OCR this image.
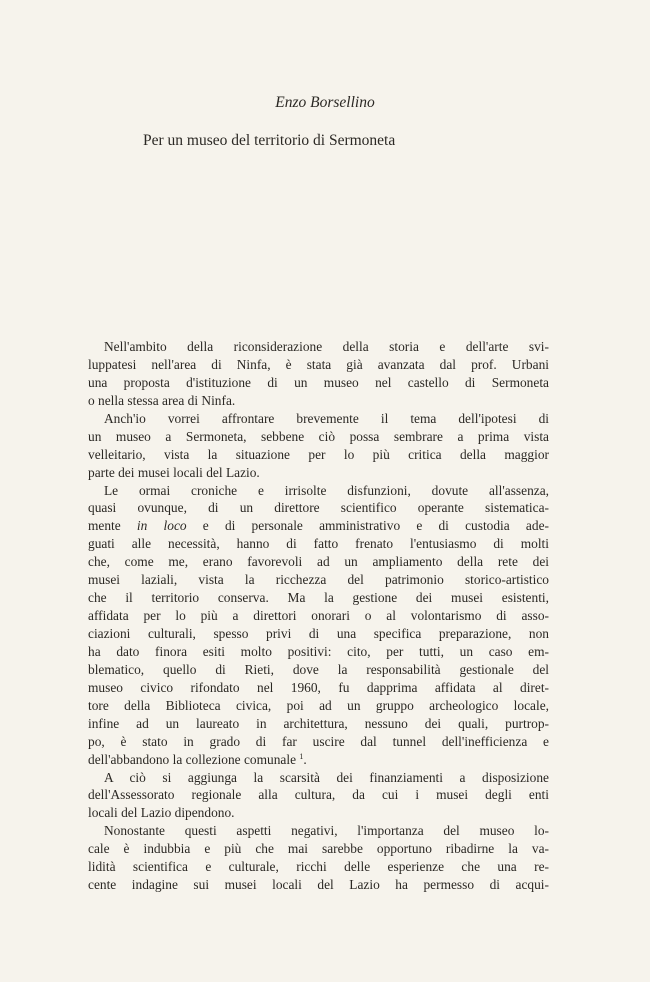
Enzo Borsellino
Per un museo del territorio di Sermoneta
Nell'ambito della riconsiderazione della storia e dell'arte svi-
luppatesi nell'area di Ninfa, è stata già avanzata dal prof. Urbani
una proposta d'istituzione di un museo nel castello di Sermoneta
o nella stessa area di Ninfa.
Anch'io vorrei affrontare brevemente il tema dell'ipotesi di
un museo a Sermoneta, sebbene ciò possa sembrare a prima vista
velleitario, vista la situazione per lo più critica della maggior
parte dei musei locali del Lazio.
Le ormai croniche e irrisolte disfunzioni, dovute all'assenza,
quasi ovunque, di un direttore scientifico operante sistematica-
mente in loco e di personale amministrativo e di custodia ade-
guati alle necessità, hanno di fatto frenato l'entusiasmo di molti
che, come me, erano favorevoli ad un ampliamento della rete dei
musei laziali, vista la ricchezza del patrimonio storico-artistico
che il territorio conserva. Ma la gestione dei musei esistenti,
affidata per lo più a direttori onorari o al volontarismo di asso-
ciazioni culturali, spesso privi di una specifica preparazione, non
ha dato finora esiti molto positivi: cito, per tutti, un caso em-
blematico, quello di Rieti, dove la responsabilità gestionale del
museo civico rifondato nel 1960, fu dapprima affidata al diret-
tore della Biblioteca civica, poi ad un gruppo archeologico locale,
infine ad un laureato in architettura, nessuno dei quali, purtrop-
po, è stato in grado di far uscire dal tunnel dell'inefficienza e
dell'abbandono la collezione comunale $^1$.
A ciò si aggiunga la scarsità dei finanziamenti a disposizione
dell'Assessorato regionale alla cultura, da cui i musei degli enti
locali del Lazio dipendono.
Nonostante questi aspetti negativi, l'importanza del museo lo-
cale è indubbia e più che mai sarebbe opportuno ribadirne la va-
lidità scientifica e culturale, ricchi delle esperienze che una re-
cente indagine sui musei locali del Lazio ha permesso di acqui-
